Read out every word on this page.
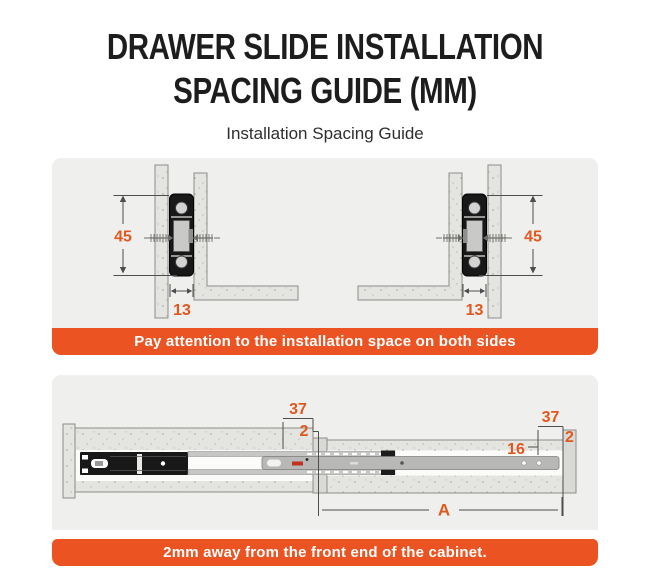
DRAWER SLIDE INSTALLATION
SPACING GUIDE (MM)
Installation Spacing Guide
45
13
45
13
Pay attention to the installation space on both sides
37
2
37
2
16
A
2mm away from the front end of the cabinet.
